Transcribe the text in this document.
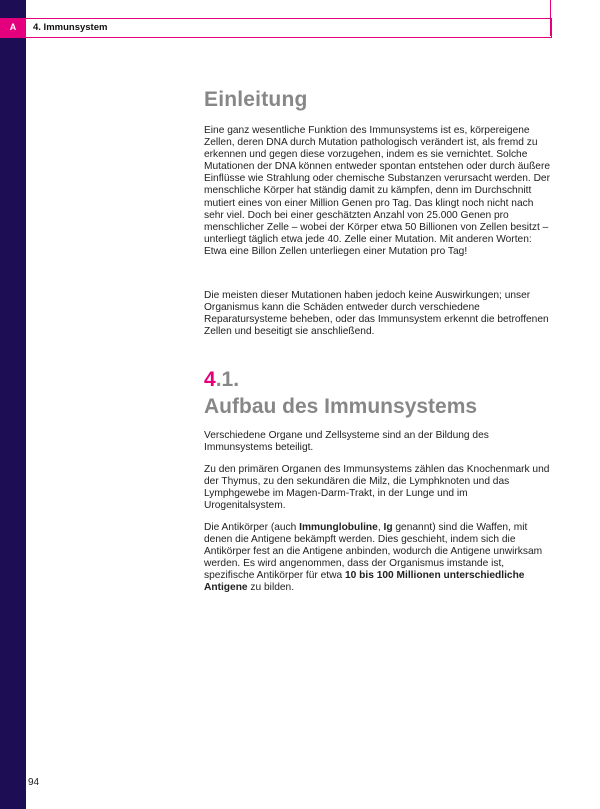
A	4. Immunsystem
Einleitung

Eine ganz wesentliche Funktion des Immunsystems ist es, körpereigene Zellen, deren DNA durch Mutation pathologisch verändert ist, als fremd zu erkennen und gegen diese vorzugehen, indem es sie vernichtet. Solche Mutationen der DNA können entweder spontan entstehen oder durch äußere Einflüsse wie Strahlung oder chemische Substanzen verursacht werden. Der menschliche Körper hat ständig damit zu kämpfen, denn im Durchschnitt mutiert eines von einer Million Genen pro Tag. Das klingt noch nicht nach sehr viel. Doch bei einer geschätzten Anzahl von 25.000 Genen pro menschlicher Zelle – wobei der Körper etwa 50 Billionen von Zellen besitzt – unterliegt täglich etwa jede 40. Zelle einer Mutation. Mit anderen Worten: Etwa eine Billon Zellen unterliegen einer Mutation pro Tag!

Die meisten dieser Mutationen haben jedoch keine Auswirkungen; unser Organismus kann die Schäden entweder durch verschiedene Reparatursysteme beheben, oder das Immunsystem erkennt die betroffenen Zellen und beseitigt sie anschließend.

4.1.
Aufbau des Immunsystems

Verschiedene Organe und Zellsysteme sind an der Bildung des Immunsystems beteiligt.

Zu den primären Organen des Immunsystems zählen das Knochenmark und der Thymus, zu den sekundären die Milz, die Lymphknoten und das Lymphgewebe im Magen-Darm-Trakt, in der Lunge und im Urogenitalsystem.

Die Antikörper (auch Immunglobuline, Ig genannt) sind die Waffen, mit denen die Antigene bekämpft werden. Dies geschieht, indem sich die Antikörper fest an die Antigene anbinden, wodurch die Antigene unwirksam werden. Es wird angenommen, dass der Organismus imstande ist, spezifische Antikörper für etwa 10 bis 100 Millionen unterschiedliche Antigene zu bilden.

94
